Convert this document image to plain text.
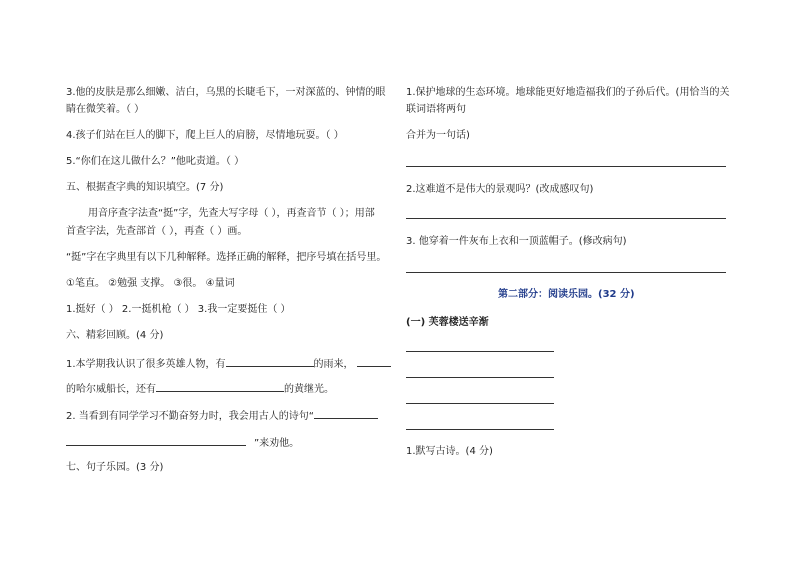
3.他的皮肤是那么细嫩、洁白，乌黑的长睫毛下，一对深蓝的、钟情的眼
睛在微笑着。（ ）
4.孩子们站在巨人的脚下，爬上巨人的肩膀，尽情地玩耍。（ ）
5.“你们在这儿做什么？”他叱责道。（ ）
五、根据查字典的知识填空。(7 分)
用音序查字法查“挺”字，先查大写字母（ ），再查音节（ ）；用部
首查字法，先查部首（ ），再查（ ）画。
“挺”字在字典里有以下几种解释。选择正确的解释，把序号填在括号里。
①笔直。 ②勉强 支撑。 ③很。 ④量词
1.挺好（ ） 2.一挺机枪（ ） 3.我一定要挺住（ ）
六、精彩回顾。(4 分)
1.本学期我认识了很多英雄人物，有	的雨来，
的哈尔威船长，还有	的黄继光。
2. 当看到有同学学习不勤奋努力时，我会用古人的诗句“
”来劝他。
七、句子乐园。(3 分)
1.保护地球的生态环境。地球能更好地造福我们的子孙后代。(用恰当的关
联词语将两句
合并为一句话)
2.这难道不是伟大的景观吗？(改成感叹句)
3. 他穿着一件灰布上衣和一顶蓝帽子。(修改病句)
第二部分：阅读乐园。(32 分)
(一) 芙蓉楼送辛渐
1.默写古诗。(4 分)
